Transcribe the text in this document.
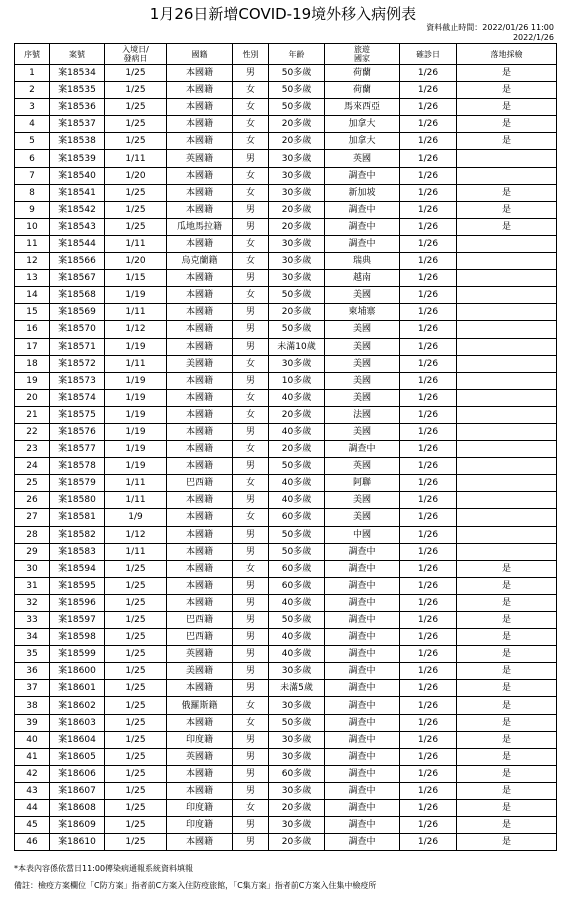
1月26日新增COVID-19境外移入病例表
資料截止時間：2022/01/26 11:00
2022/1/26
序號	案號	入境日/
發病日	國籍	性別	年齡	旅遊
國家	確診日	落地採檢
1	案18534	1/25	本國籍	男	50多歲	荷蘭	1/26	是
2	案18535	1/25	本國籍	女	50多歲	荷蘭	1/26	是
3	案18536	1/25	本國籍	女	50多歲	馬來西亞	1/26	是
4	案18537	1/25	本國籍	女	20多歲	加拿大	1/26	是
5	案18538	1/25	本國籍	女	20多歲	加拿大	1/26	是
6	案18539	1/11	英國籍	男	30多歲	英國	1/26	
7	案18540	1/20	本國籍	女	30多歲	調查中	1/26	
8	案18541	1/25	本國籍	女	30多歲	新加坡	1/26	是
9	案18542	1/25	本國籍	男	20多歲	調查中	1/26	是
10	案18543	1/25	瓜地馬拉籍	男	20多歲	調查中	1/26	是
11	案18544	1/11	本國籍	女	30多歲	調查中	1/26	
12	案18566	1/20	烏克蘭籍	女	30多歲	瑞典	1/26	
13	案18567	1/15	本國籍	男	30多歲	越南	1/26	
14	案18568	1/19	本國籍	女	50多歲	美國	1/26	
15	案18569	1/11	本國籍	男	20多歲	柬埔寨	1/26	
16	案18570	1/12	本國籍	男	50多歲	美國	1/26	
17	案18571	1/19	本國籍	男	未滿10歲	美國	1/26	
18	案18572	1/11	美國籍	女	30多歲	美國	1/26	
19	案18573	1/19	本國籍	男	10多歲	美國	1/26	
20	案18574	1/19	本國籍	女	40多歲	美國	1/26	
21	案18575	1/19	本國籍	女	20多歲	法國	1/26	
22	案18576	1/19	本國籍	男	40多歲	美國	1/26	
23	案18577	1/19	本國籍	女	20多歲	調查中	1/26	
24	案18578	1/19	本國籍	男	50多歲	英國	1/26	
25	案18579	1/11	巴西籍	女	40多歲	阿聯	1/26	
26	案18580	1/11	本國籍	男	40多歲	美國	1/26	
27	案18581	1/9	本國籍	女	60多歲	美國	1/26	
28	案18582	1/12	本國籍	男	50多歲	中國	1/26	
29	案18583	1/11	本國籍	男	50多歲	調查中	1/26	
30	案18594	1/25	本國籍	女	60多歲	調查中	1/26	是
31	案18595	1/25	本國籍	男	60多歲	調查中	1/26	是
32	案18596	1/25	本國籍	男	40多歲	調查中	1/26	是
33	案18597	1/25	巴西籍	男	50多歲	調查中	1/26	是
34	案18598	1/25	巴西籍	男	40多歲	調查中	1/26	是
35	案18599	1/25	英國籍	男	40多歲	調查中	1/26	是
36	案18600	1/25	美國籍	男	30多歲	調查中	1/26	是
37	案18601	1/25	本國籍	男	未滿5歲	調查中	1/26	是
38	案18602	1/25	俄羅斯籍	女	30多歲	調查中	1/26	是
39	案18603	1/25	本國籍	女	50多歲	調查中	1/26	是
40	案18604	1/25	印度籍	男	30多歲	調查中	1/26	是
41	案18605	1/25	英國籍	男	30多歲	調查中	1/26	是
42	案18606	1/25	本國籍	男	60多歲	調查中	1/26	是
43	案18607	1/25	本國籍	男	30多歲	調查中	1/26	是
44	案18608	1/25	印度籍	女	20多歲	調查中	1/26	是
45	案18609	1/25	印度籍	男	30多歲	調查中	1/26	是
46	案18610	1/25	本國籍	男	20多歲	調查中	1/26	是
*本表內容係依當日11:00傳染病通報系統資料填報
備註：檢疫方案欄位「C防方案」指者前C方案入住防疫旅館，「C集方案」指者前C方案入住集中檢疫所
